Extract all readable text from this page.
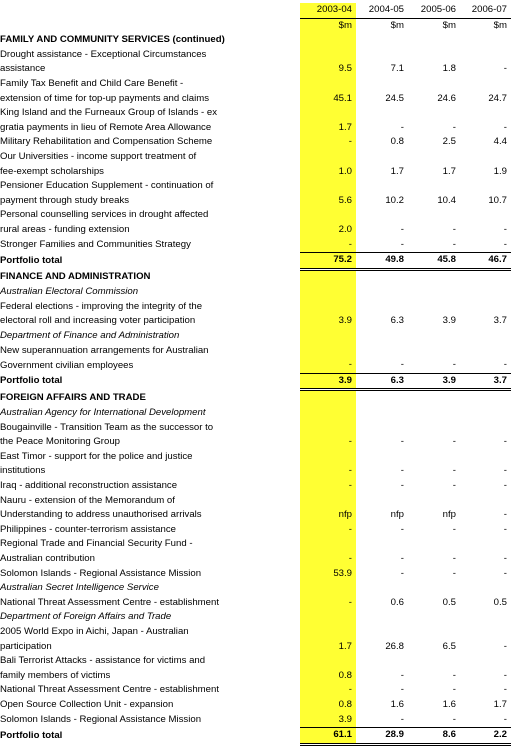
	2003-04	2004-05	2005-06	2006-07
	$m	$m	$m	$m
FAMILY AND COMMUNITY SERVICES (continued)				
Drought assistance - Exceptional Circumstances				
assistance	9.5	7.1	1.8	-
Family Tax Benefit and Child Care Benefit -				
extension of time for top-up payments and claims	45.1	24.5	24.6	24.7
King Island and the Furneaux Group of Islands - ex				
gratia payments in lieu of Remote Area Allowance	1.7	-	-	-
Military Rehabilitation and Compensation Scheme	-	0.8	2.5	4.4
Our Universities - income support treatment of				
fee-exempt scholarships	1.0	1.7	1.7	1.9
Pensioner Education Supplement - continuation of				
payment through study breaks	5.6	10.2	10.4	10.7
Personal counselling services in drought affected				
rural areas - funding extension	2.0	-	-	-
Stronger Families and Communities Strategy	-	-	-	-
Portfolio total	75.2	49.8	45.8	46.7
FINANCE AND ADMINISTRATION				
Australian Electoral Commission				
Federal elections - improving the integrity of the				
electoral roll and increasing voter participation	3.9	6.3	3.9	3.7
Department of Finance and Administration				
New superannuation arrangements for Australian				
Government civilian employees	-	-	-	-
Portfolio total	3.9	6.3	3.9	3.7
FOREIGN AFFAIRS AND TRADE				
Australian Agency for International Development				
Bougainville - Transition Team as the successor to				
the Peace Monitoring Group	-	-	-	-
East Timor - support for the police and justice				
institutions	-	-	-	-
Iraq - additional reconstruction assistance	-	-	-	-
Nauru - extension of the Memorandum of				
Understanding to address unauthorised arrivals	nfp	nfp	nfp	-
Philippines - counter-terrorism assistance	-	-	-	-
Regional Trade and Financial Security Fund -				
Australian contribution	-	-	-	-
Solomon Islands - Regional Assistance Mission	53.9	-	-	-
Australian Secret Intelligence Service				
National Threat Assessment Centre - establishment	-	0.6	0.5	0.5
Department of Foreign Affairs and Trade				
2005 World Expo in Aichi, Japan - Australian				
participation	1.7	26.8	6.5	-
Bali Terrorist Attacks - assistance for victims and				
family members of victims	0.8	-	-	-
National Threat Assessment Centre - establishment	-	-	-	-
Open Source Collection Unit - expansion	0.8	1.6	1.6	1.7
Solomon Islands - Regional Assistance Mission	3.9	-	-	-
Portfolio total	61.1	28.9	8.6	2.2
